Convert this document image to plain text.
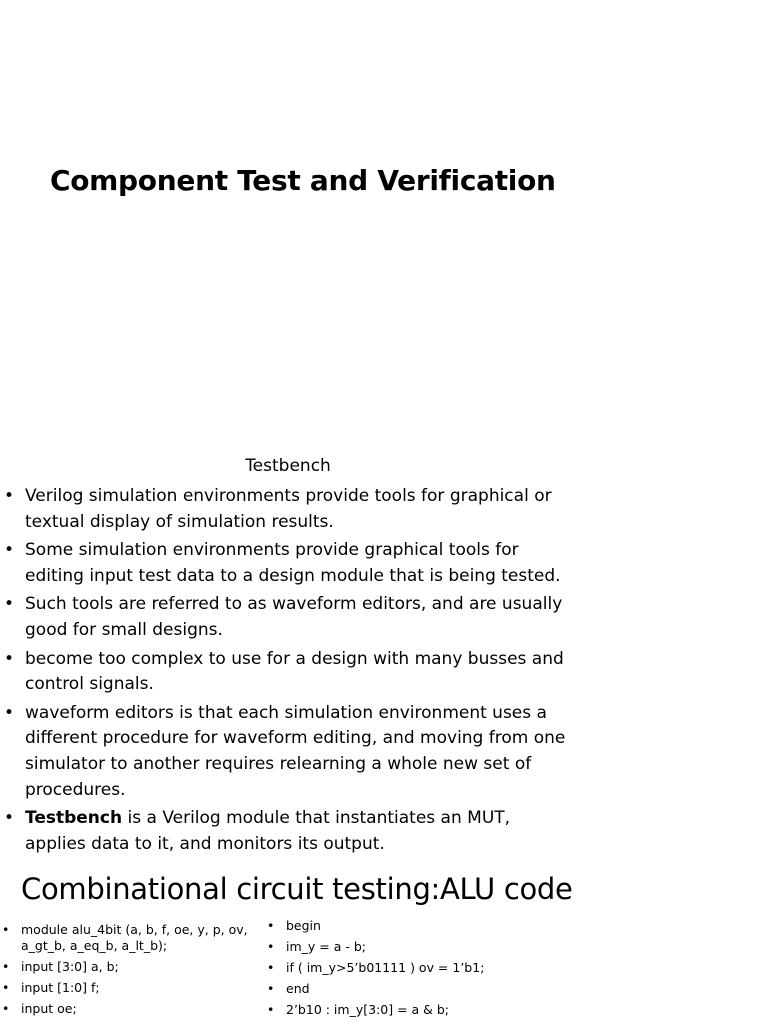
Component Test and Verification
Testbench
• Verilog simulation environments provide tools for graphical or textual display of simulation results.
• Some simulation environments provide graphical tools for editing input test data to a design module that is being tested.
• Such tools are referred to as waveform editors, and are usually good for small designs.
• become too complex to use for a design with many busses and control signals.
• waveform editors is that each simulation environment uses a different procedure for waveform editing, and moving from one simulator to another requires relearning a whole new set of procedures.
• Testbench is a Verilog module that instantiates an MUT, applies data to it, and monitors its output.
Combinational circuit testing:ALU code
• module alu_4bit (a, b, f, oe, y, p, ov, a_gt_b, a_eq_b, a_lt_b);
• input [3:0] a, b;
• input [1:0] f;
• input oe;
• begin
• im_y = a - b;
• if ( im_y>5’b01111 ) ov = 1’b1;
• end
• 2’b10 : im_y[3:0] = a & b;
